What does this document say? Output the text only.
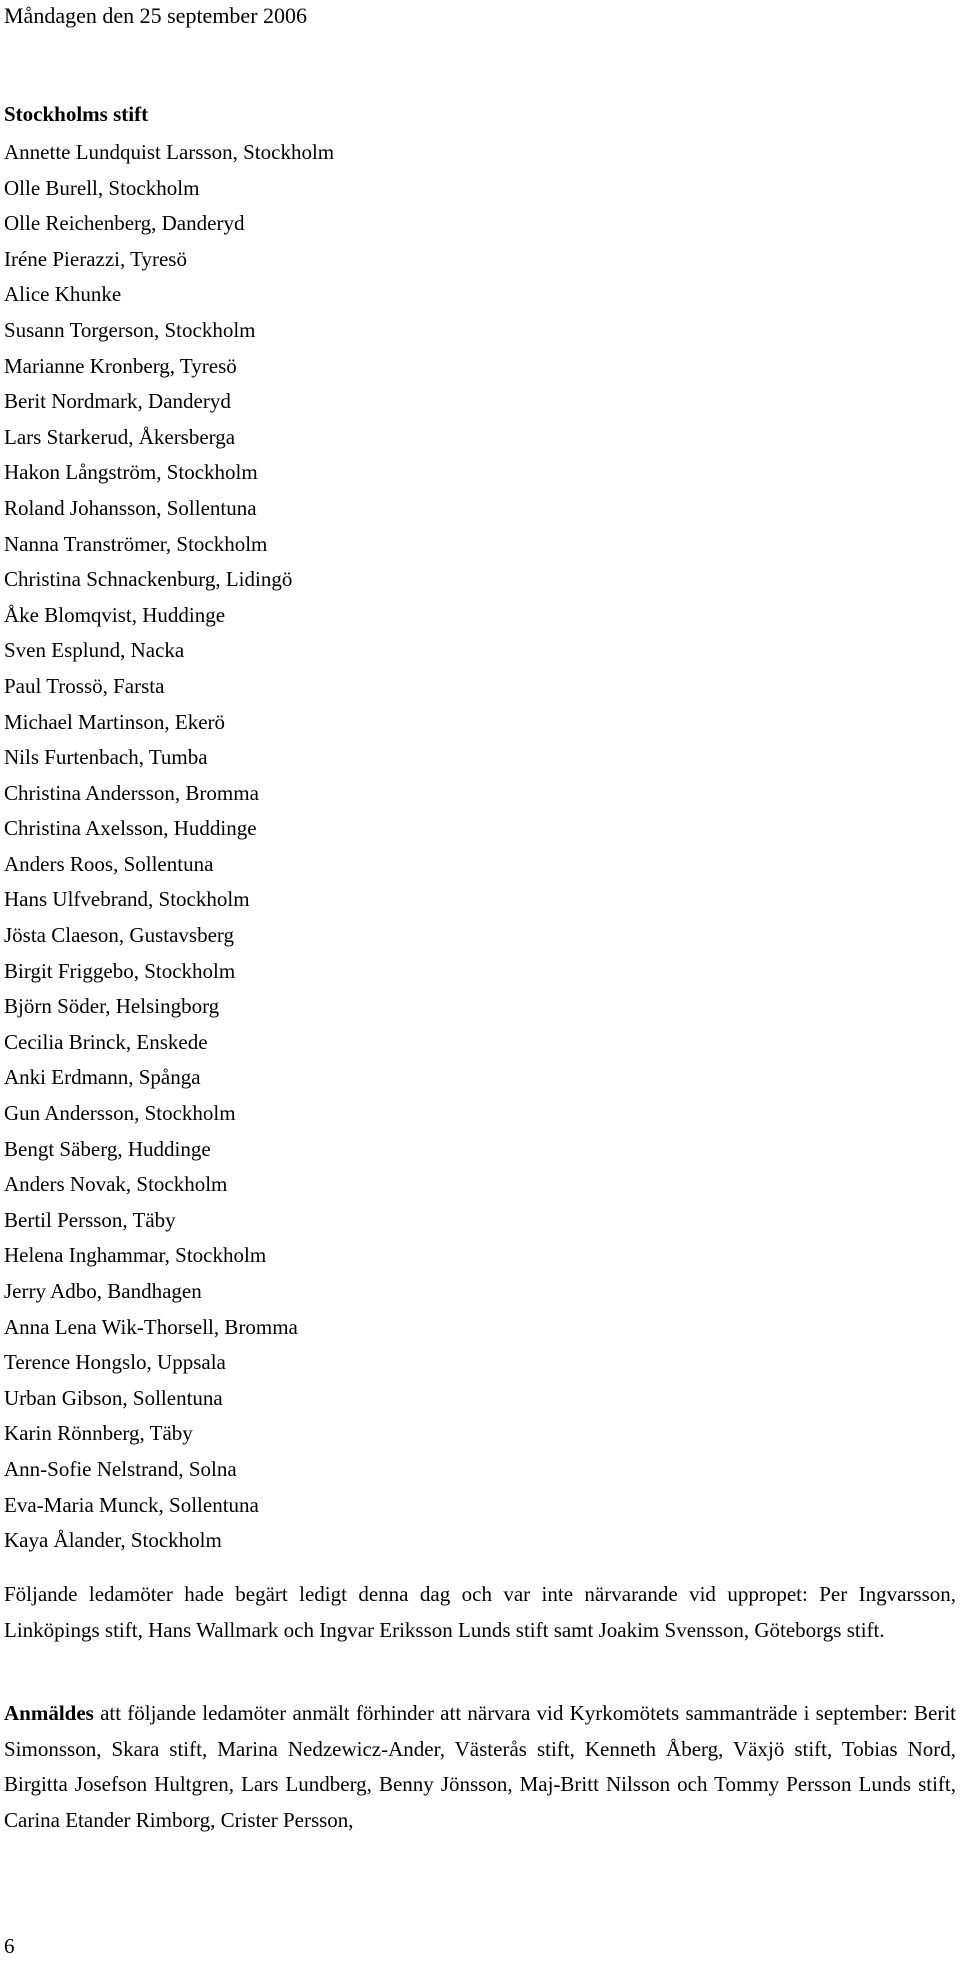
Måndagen den 25 september 2006
Stockholms stift
Annette Lundquist Larsson, Stockholm
Olle Burell, Stockholm
Olle Reichenberg, Danderyd
Iréne Pierazzi, Tyresö
Alice Khunke
Susann Torgerson, Stockholm
Marianne Kronberg, Tyresö
Berit Nordmark, Danderyd
Lars Starkerud, Åkersberga
Hakon Långström, Stockholm
Roland Johansson, Sollentuna
Nanna Tranströmer, Stockholm
Christina Schnackenburg, Lidingö
Åke Blomqvist, Huddinge
Sven Esplund, Nacka
Paul Trossö, Farsta
Michael Martinson, Ekerö
Nils Furtenbach, Tumba
Christina Andersson, Bromma
Christina Axelsson, Huddinge
Anders Roos, Sollentuna
Hans Ulfvebrand, Stockholm
Jösta Claeson, Gustavsberg
Birgit Friggebo, Stockholm
Björn Söder, Helsingborg
Cecilia Brinck, Enskede
Anki Erdmann, Spånga
Gun Andersson, Stockholm
Bengt Säberg, Huddinge
Anders Novak, Stockholm
Bertil Persson, Täby
Helena Inghammar, Stockholm
Jerry Adbo, Bandhagen
Anna Lena Wik-Thorsell, Bromma
Terence Hongslo, Uppsala
Urban Gibson, Sollentuna
Karin Rönnberg, Täby
Ann-Sofie Nelstrand, Solna
Eva-Maria Munck, Sollentuna
Kaya Ålander, Stockholm

Följande ledamöter hade begärt ledigt denna dag och var inte närvarande vid uppropet: Per Ingvarsson, Linköpings stift, Hans Wallmark och Ingvar Eriksson Lunds stift samt Joakim Svensson, Göteborgs stift.

Anmäldes att följande ledamöter anmält förhinder att närvara vid Kyrkomötets sammanträde i september: Berit Simonsson, Skara stift, Marina Nedzewicz-Ander, Västerås stift, Kenneth Åberg, Växjö stift, Tobias Nord, Birgitta Josefson Hultgren, Lars Lundberg, Benny Jönsson, Maj-Britt Nilsson och Tommy Persson Lunds stift, Carina Etander Rimborg, Crister Persson,

6
